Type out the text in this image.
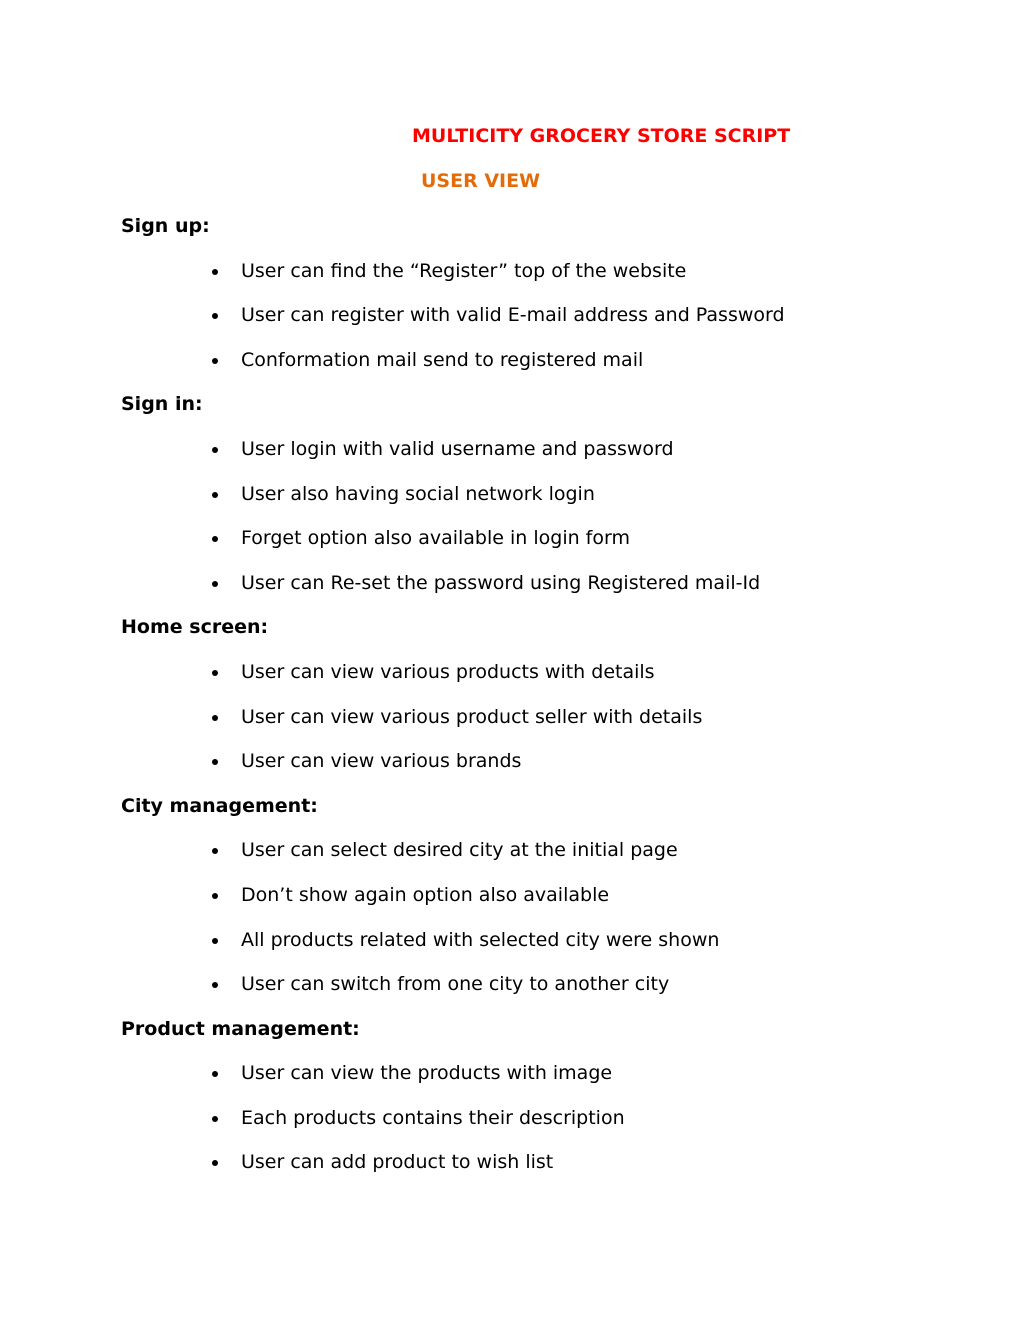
MULTICITY GROCERY STORE SCRIPT
USER VIEW
Sign up:
User can find the “Register” top of the website
User can register with valid E-mail address and Password
Conformation mail send to registered mail
Sign in:
User login with valid username and password
User also having social network login
Forget option also available in login form
User can Re-set the password using Registered mail-Id
Home screen:
User can view various products with details
User can view various product seller with details
User can view various brands
City management:
User can select desired city at the initial page
Don’t show again option also available
All products related with selected city were shown
User can switch from one city to another city
Product management:
User can view the products with image
Each products contains their description
User can add product to wish list
